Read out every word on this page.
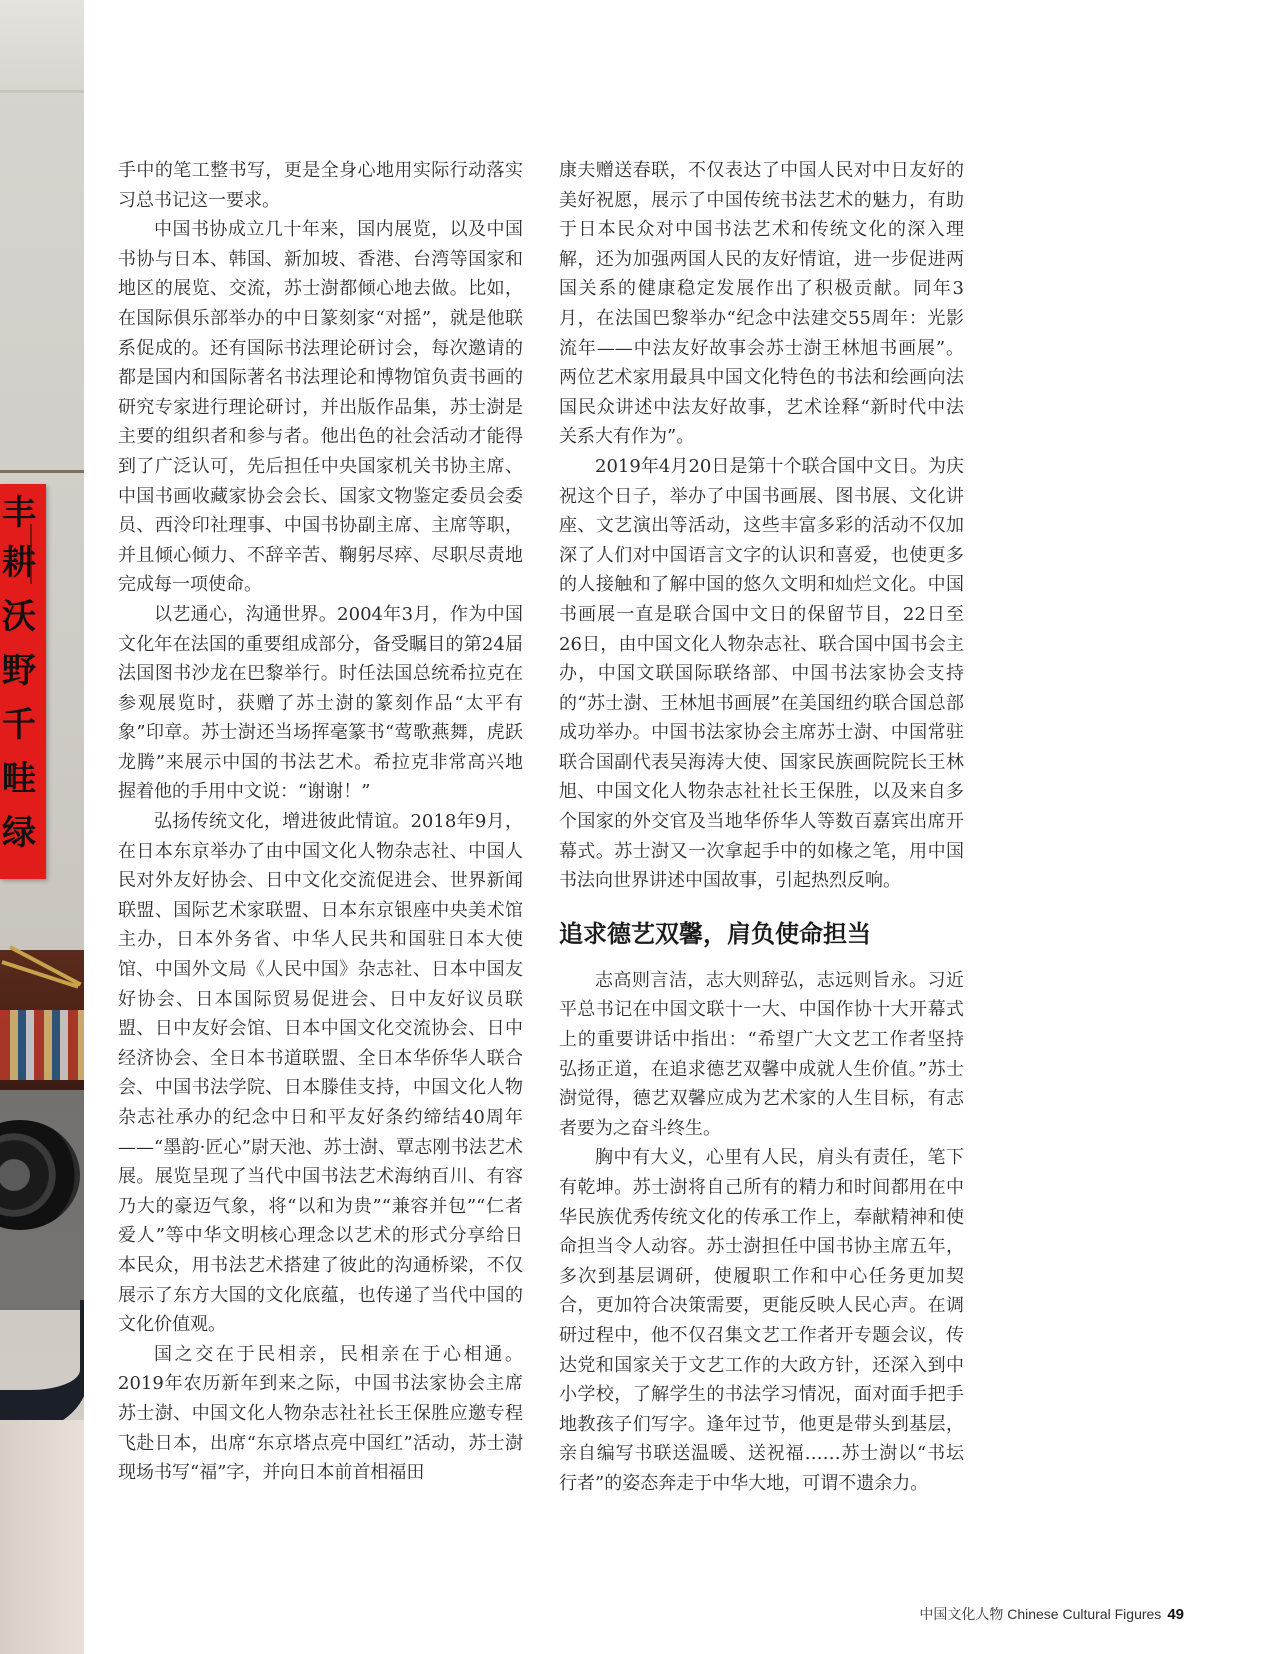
丰
耕
沃
野
千
畦
绿

手中的笔工整书写，更是全身心地用实际行动落实习总书记这一要求。

中国书协成立几十年来，国内展览，以及中国书协与日本、韩国、新加坡、香港、台湾等国家和地区的展览、交流，苏士澍都倾心地去做。比如，在国际俱乐部举办的中日篆刻家“对摇”，就是他联系促成的。还有国际书法理论研讨会，每次邀请的都是国内和国际著名书法理论和博物馆负责书画的研究专家进行理论研讨，并出版作品集，苏士澍是主要的组织者和参与者。他出色的社会活动才能得到了广泛认可，先后担任中央国家机关书协主席、中国书画收藏家协会会长、国家文物鉴定委员会委员、西泠印社理事、中国书协副主席、主席等职，并且倾心倾力、不辞辛苦、鞠躬尽瘁、尽职尽责地完成每一项使命。

以艺通心，沟通世界。2004年3月，作为中国文化年在法国的重要组成部分，备受瞩目的第24届法国图书沙龙在巴黎举行。时任法国总统希拉克在参观展览时，获赠了苏士澍的篆刻作品“太平有象”印章。苏士澍还当场挥毫篆书“莺歌燕舞，虎跃龙腾”来展示中国的书法艺术。希拉克非常高兴地握着他的手用中文说：“谢谢！”

弘扬传统文化，增进彼此情谊。2018年9月，在日本东京举办了由中国文化人物杂志社、中国人民对外友好协会、日中文化交流促进会、世界新闻联盟、国际艺术家联盟、日本东京银座中央美术馆主办，日本外务省、中华人民共和国驻日本大使馆、中国外文局《人民中国》杂志社、日本中国友好协会、日本国际贸易促进会、日中友好议员联盟、日中友好会馆、日本中国文化交流协会、日中经济协会、全日本书道联盟、全日本华侨华人联合会、中国书法学院、日本滕佳支持，中国文化人物杂志社承办的纪念中日和平友好条约缔结40周年——“墨韵·匠心”尉天池、苏士澍、覃志刚书法艺术展。展览呈现了当代中国书法艺术海纳百川、有容乃大的豪迈气象，将“以和为贵”“兼容并包”“仁者爱人”等中华文明核心理念以艺术的形式分享给日本民众，用书法艺术搭建了彼此的沟通桥梁，不仅展示了东方大国的文化底蕴，也传递了当代中国的文化价值观。

国之交在于民相亲，民相亲在于心相通。2019年农历新年到来之际，中国书法家协会主席苏士澍、中国文化人物杂志社社长王保胜应邀专程飞赴日本，出席“东京塔点亮中国红”活动，苏士澍现场书写“福”字，并向日本前首相福田

康夫赠送春联，不仅表达了中国人民对中日友好的美好祝愿，展示了中国传统书法艺术的魅力，有助于日本民众对中国书法艺术和传统文化的深入理解，还为加强两国人民的友好情谊，进一步促进两国关系的健康稳定发展作出了积极贡献。同年3月，在法国巴黎举办“纪念中法建交55周年：光影流年——中法友好故事会苏士澍王林旭书画展”。两位艺术家用最具中国文化特色的书法和绘画向法国民众讲述中法友好故事，艺术诠释“新时代中法关系大有作为”。

2019年4月20日是第十个联合国中文日。为庆祝这个日子，举办了中国书画展、图书展、文化讲座、文艺演出等活动，这些丰富多彩的活动不仅加深了人们对中国语言文字的认识和喜爱，也使更多的人接触和了解中国的悠久文明和灿烂文化。中国书画展一直是联合国中文日的保留节目，22日至26日，由中国文化人物杂志社、联合国中国书会主办，中国文联国际联络部、中国书法家协会支持的“苏士澍、王林旭书画展”在美国纽约联合国总部成功举办。中国书法家协会主席苏士澍、中国常驻联合国副代表吴海涛大使、国家民族画院院长王林旭、中国文化人物杂志社社长王保胜，以及来自多个国家的外交官及当地华侨华人等数百嘉宾出席开幕式。苏士澍又一次拿起手中的如椽之笔，用中国书法向世界讲述中国故事，引起热烈反响。

追求德艺双馨，肩负使命担当

志高则言洁，志大则辞弘，志远则旨永。习近平总书记在中国文联十一大、中国作协十大开幕式上的重要讲话中指出：“希望广大文艺工作者坚持弘扬正道，在追求德艺双馨中成就人生价值。”苏士澍觉得，德艺双馨应成为艺术家的人生目标，有志者要为之奋斗终生。

胸中有大义，心里有人民，肩头有责任，笔下有乾坤。苏士澍将自己所有的精力和时间都用在中华民族优秀传统文化的传承工作上，奉献精神和使命担当令人动容。苏士澍担任中国书协主席五年，多次到基层调研，使履职工作和中心任务更加契合，更加符合决策需要，更能反映人民心声。在调研过程中，他不仅召集文艺工作者开专题会议，传达党和国家关于文艺工作的大政方针，还深入到中小学校，了解学生的书法学习情况，面对面手把手地教孩子们写字。逢年过节，他更是带头到基层，亲自编写书联送温暖、送祝福……苏士澍以“书坛行者”的姿态奔走于中华大地，可谓不遗余力。

中国文化人物 Chinese Cultural Figures 49
